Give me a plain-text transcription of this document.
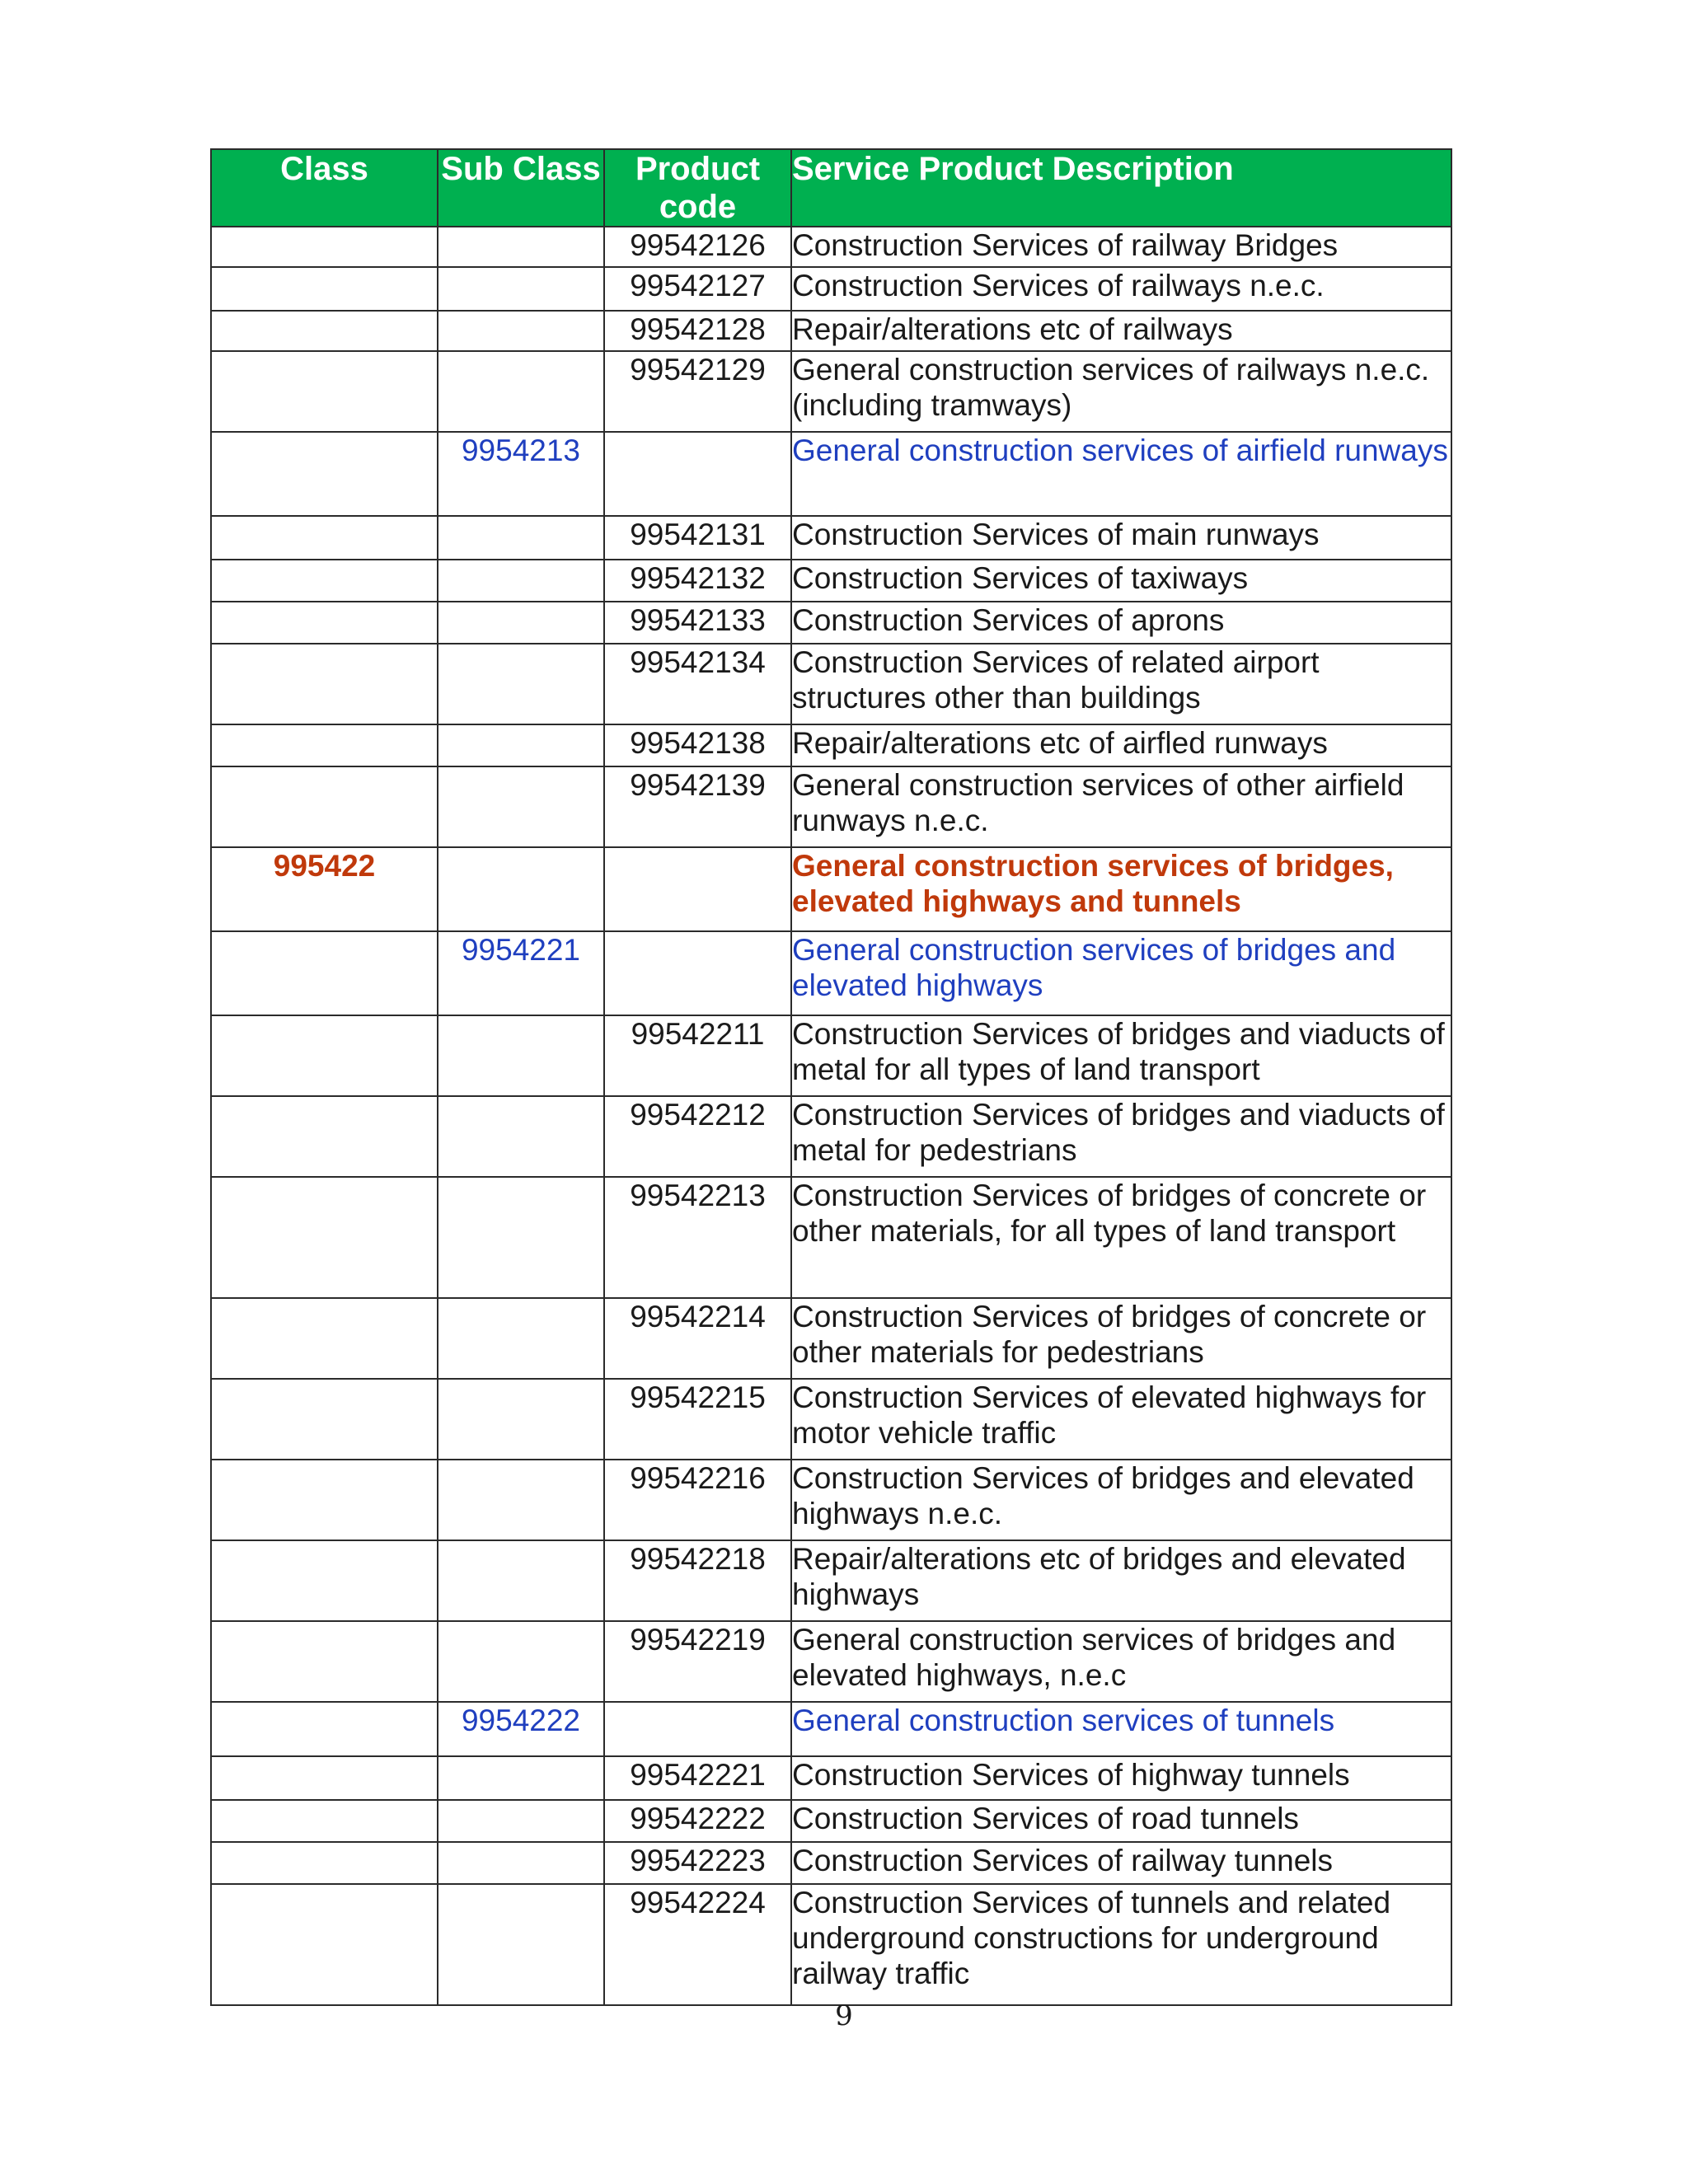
Class	Sub Class	Product code	Service Product Description
		99542126	Construction Services of railway Bridges
		99542127	Construction Services of railways n.e.c.
		99542128	Repair/alterations etc of railways
		99542129	General construction services of railways n.e.c. (including tramways)
	9954213		General construction services of airfield runways
		99542131	Construction Services of main runways
		99542132	Construction Services of taxiways
		99542133	Construction Services of aprons
		99542134	Construction Services of related airport structures other than buildings
		99542138	Repair/alterations etc of airfled runways
		99542139	General construction services of other airfield runways n.e.c.
995422			General construction services of bridges, elevated highways and tunnels
	9954221		General construction services of bridges and elevated highways
		99542211	Construction Services of bridges and viaducts of metal for all types of land transport
		99542212	Construction Services of bridges and viaducts of metal for pedestrians
		99542213	Construction Services of bridges of concrete or other materials, for all types of land transport
		99542214	Construction Services of bridges of concrete or other materials for pedestrians
		99542215	Construction Services of elevated highways for motor vehicle traffic
		99542216	Construction Services of bridges and elevated highways n.e.c.
		99542218	Repair/alterations etc of bridges and elevated highways
		99542219	General construction services of bridges and elevated highways, n.e.c
	9954222		General construction services of tunnels
		99542221	Construction Services of highway tunnels
		99542222	Construction Services of road tunnels
		99542223	Construction Services of railway tunnels
		99542224	Construction Services of tunnels and related underground constructions for underground railway traffic
9
